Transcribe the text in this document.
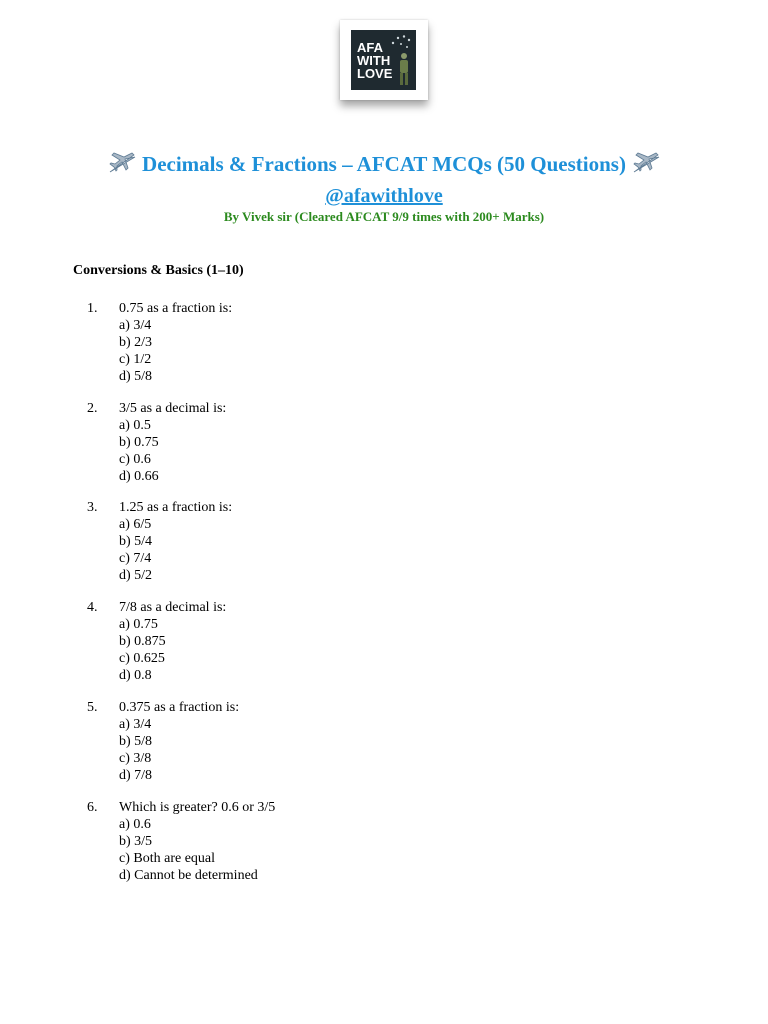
AFA
WITH
LOVE
Decimals & Fractions – AFCAT MCQs (50 Questions)
@afawithlove
By Vivek sir (Cleared AFCAT 9/9 times with 200+ Marks)
Conversions & Basics (1–10)
1.	0.75 as a fraction is:
a) 3/4
b) 2/3
c) 1/2
d) 5/8
2.	3/5 as a decimal is:
a) 0.5
b) 0.75
c) 0.6
d) 0.66
3.	1.25 as a fraction is:
a) 6/5
b) 5/4
c) 7/4
d) 5/2
4.	7/8 as a decimal is:
a) 0.75
b) 0.875
c) 0.625
d) 0.8
5.	0.375 as a fraction is:
a) 3/4
b) 5/8
c) 3/8
d) 7/8
6.	Which is greater? 0.6 or 3/5
a) 0.6
b) 3/5
c) Both are equal
d) Cannot be determined
